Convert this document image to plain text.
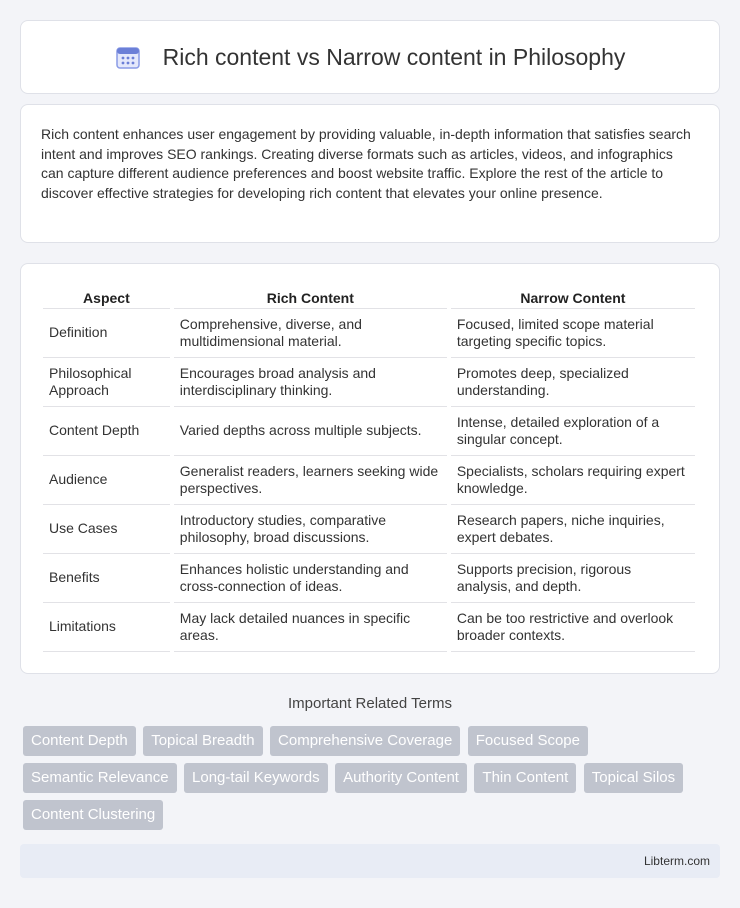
Rich content vs Narrow content in Philosophy

Rich content enhances user engagement by providing valuable, in-depth information that satisfies search intent and improves SEO rankings. Creating diverse formats such as articles, videos, and infographics can capture different audience preferences and boost website traffic. Explore the rest of the article to discover effective strategies for developing rich content that elevates your online presence.

Aspect	Rich Content	Narrow Content
Definition	Comprehensive, diverse, and multidimensional material.	Focused, limited scope material targeting specific topics.
Philosophical Approach	Encourages broad analysis and interdisciplinary thinking.	Promotes deep, specialized understanding.
Content Depth	Varied depths across multiple subjects.	Intense, detailed exploration of a singular concept.
Audience	Generalist readers, learners seeking wide perspectives.	Specialists, scholars requiring expert knowledge.
Use Cases	Introductory studies, comparative philosophy, broad discussions.	Research papers, niche inquiries, expert debates.
Benefits	Enhances holistic understanding and cross-connection of ideas.	Supports precision, rigorous analysis, and depth.
Limitations	May lack detailed nuances in specific areas.	Can be too restrictive and overlook broader contexts.
Important Related Terms
Content Depth Topical Breadth Comprehensive Coverage Focused Scope Semantic Relevance Long-tail Keywords Authority Content Thin Content Topical Silos Content Clustering
Libterm.com
